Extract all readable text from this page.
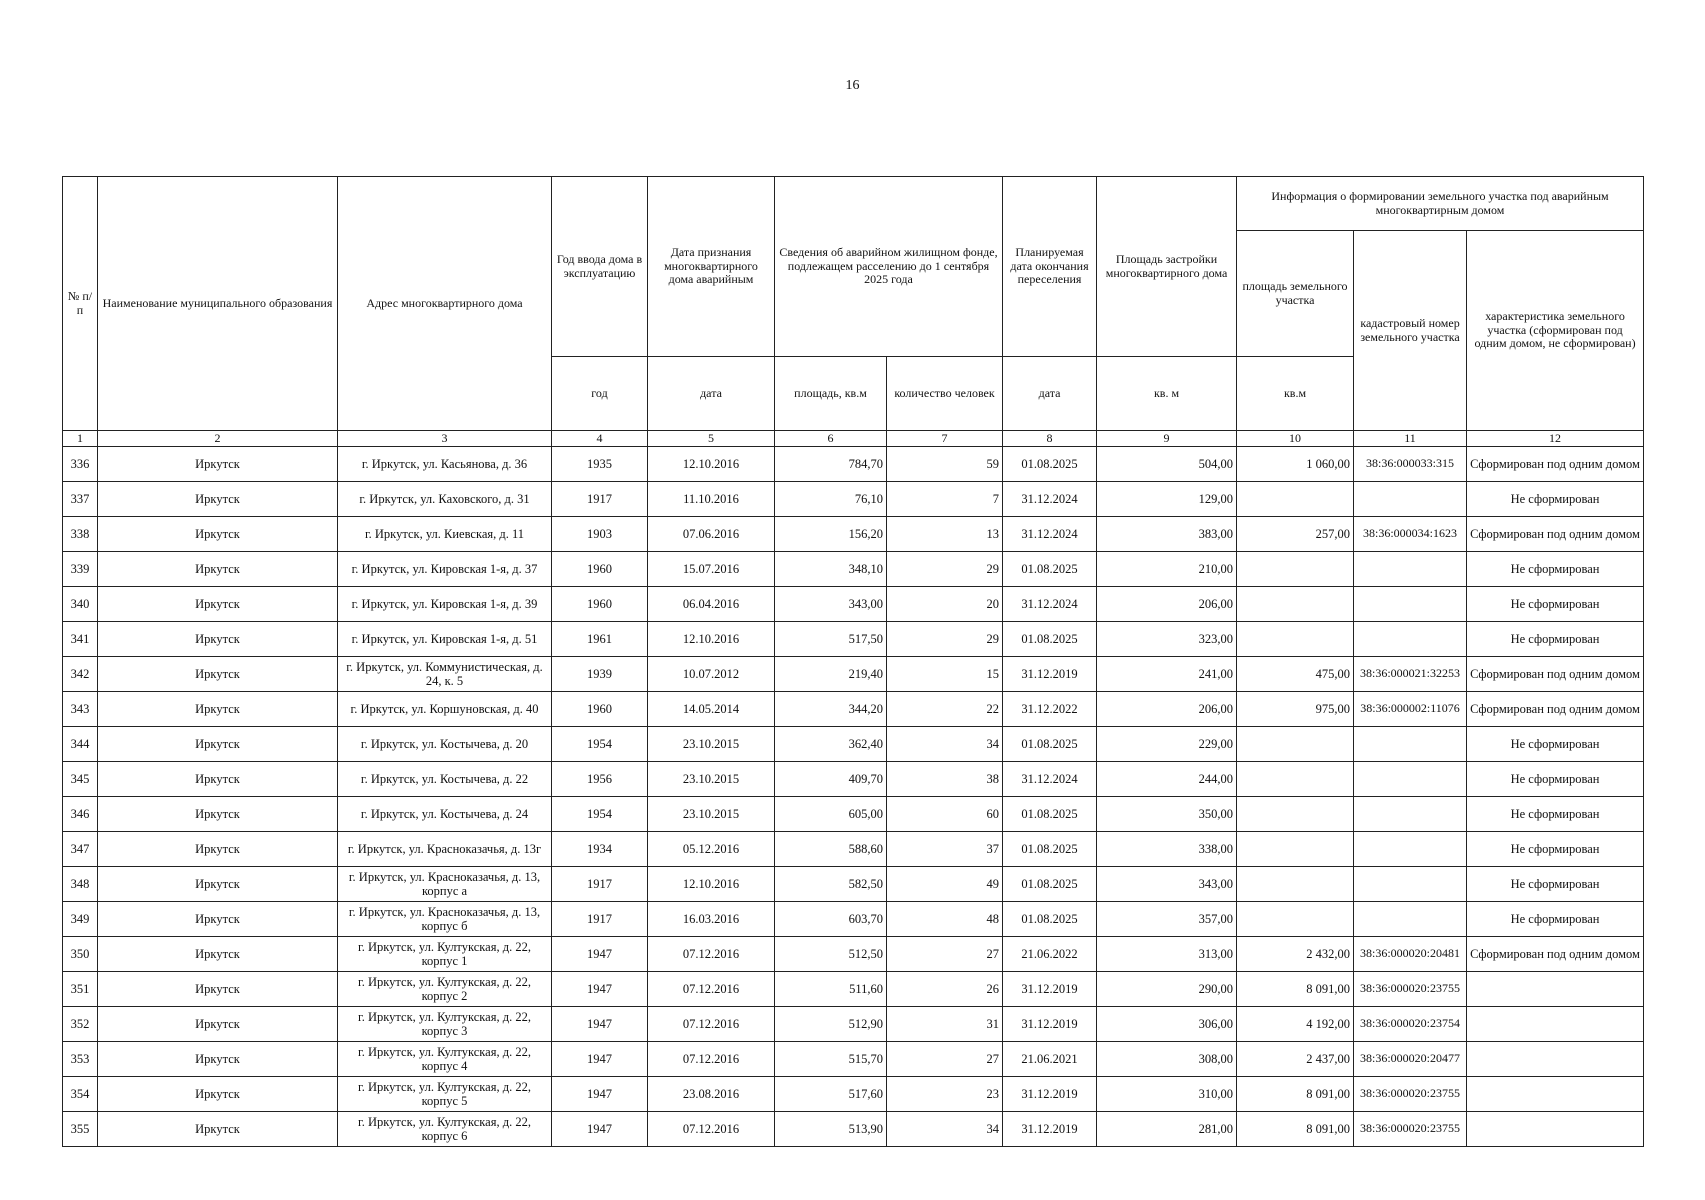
16
№ п/п	Наименование муниципального образования	Адрес многоквартирного дома	Год ввода дома в эксплуатацию	Дата признания многоквартирного дома аварийным	Сведения об аварийном жилищном фонде, подлежащем расселению до 1 сентября 2025 года		Планируемая дата окончания переселения	Площадь застройки многоквартирного дома	Информация о формировании земельного участка под аварийным многоквартирным домом		
									площадь земельного участка	кадастровый номер земельного участка	характеристика земельного участка (сформирован под одним домом, не сформирован)
			год	дата	площадь, кв.м	количество человек	дата	кв. м	кв.м		
1	2	3	4	5	6	7	8	9	10	11	12
336	Иркутск	г. Иркутск, ул. Касьянова, д. 36	1935	12.10.2016	784,70	59	01.08.2025	504,00	1 060,00	38:36:000033:315	Сформирован под одним домом
337	Иркутск	г. Иркутск, ул. Каховского, д. 31	1917	11.10.2016	76,10	7	31.12.2024	129,00			Не сформирован
338	Иркутск	г. Иркутск, ул. Киевская, д. 11	1903	07.06.2016	156,20	13	31.12.2024	383,00	257,00	38:36:000034:1623	Сформирован под одним домом
339	Иркутск	г. Иркутск, ул. Кировская 1-я, д. 37	1960	15.07.2016	348,10	29	01.08.2025	210,00			Не сформирован
340	Иркутск	г. Иркутск, ул. Кировская 1-я, д. 39	1960	06.04.2016	343,00	20	31.12.2024	206,00			Не сформирован
341	Иркутск	г. Иркутск, ул. Кировская 1-я, д. 51	1961	12.10.2016	517,50	29	01.08.2025	323,00			Не сформирован
342	Иркутск	г. Иркутск, ул. Коммунистическая, д. 24, к. 5	1939	10.07.2012	219,40	15	31.12.2019	241,00	475,00	38:36:000021:32253	Сформирован под одним домом
343	Иркутск	г. Иркутск, ул. Коршуновская, д. 40	1960	14.05.2014	344,20	22	31.12.2022	206,00	975,00	38:36:000002:11076	Сформирован под одним домом
344	Иркутск	г. Иркутск, ул. Костычева, д. 20	1954	23.10.2015	362,40	34	01.08.2025	229,00			Не сформирован
345	Иркутск	г. Иркутск, ул. Костычева, д. 22	1956	23.10.2015	409,70	38	31.12.2024	244,00			Не сформирован
346	Иркутск	г. Иркутск, ул. Костычева, д. 24	1954	23.10.2015	605,00	60	01.08.2025	350,00			Не сформирован
347	Иркутск	г. Иркутск, ул. Краснoказачья, д. 13г	1934	05.12.2016	588,60	37	01.08.2025	338,00			Не сформирован
348	Иркутск	г. Иркутск, ул. Красноказачья, д. 13, корпус а	1917	12.10.2016	582,50	49	01.08.2025	343,00			Не сформирован
349	Иркутск	г. Иркутск, ул. Красноказачья, д. 13, корпус б	1917	16.03.2016	603,70	48	01.08.2025	357,00			Не сформирован
350	Иркутск	г. Иркутск, ул. Култукская, д. 22, корпус 1	1947	07.12.2016	512,50	27	21.06.2022	313,00	2 432,00	38:36:000020:20481	Сформирован под одним домом
351	Иркутск	г. Иркутск, ул. Култукская, д. 22, корпус 2	1947	07.12.2016	511,60	26	31.12.2019	290,00	8 091,00	38:36:000020:23755	
352	Иркутск	г. Иркутск, ул. Култукская, д. 22, корпус 3	1947	07.12.2016	512,90	31	31.12.2019	306,00	4 192,00	38:36:000020:23754	
353	Иркутск	г. Иркутск, ул. Култукская, д. 22, корпус 4	1947	07.12.2016	515,70	27	21.06.2021	308,00	2 437,00	38:36:000020:20477	
354	Иркутск	г. Иркутск, ул. Култукская, д. 22, корпус 5	1947	23.08.2016	517,60	23	31.12.2019	310,00	8 091,00	38:36:000020:23755	
355	Иркутск	г. Иркутск, ул. Култукская, д. 22, корпус 6	1947	07.12.2016	513,90	34	31.12.2019	281,00	8 091,00	38:36:000020:23755	
